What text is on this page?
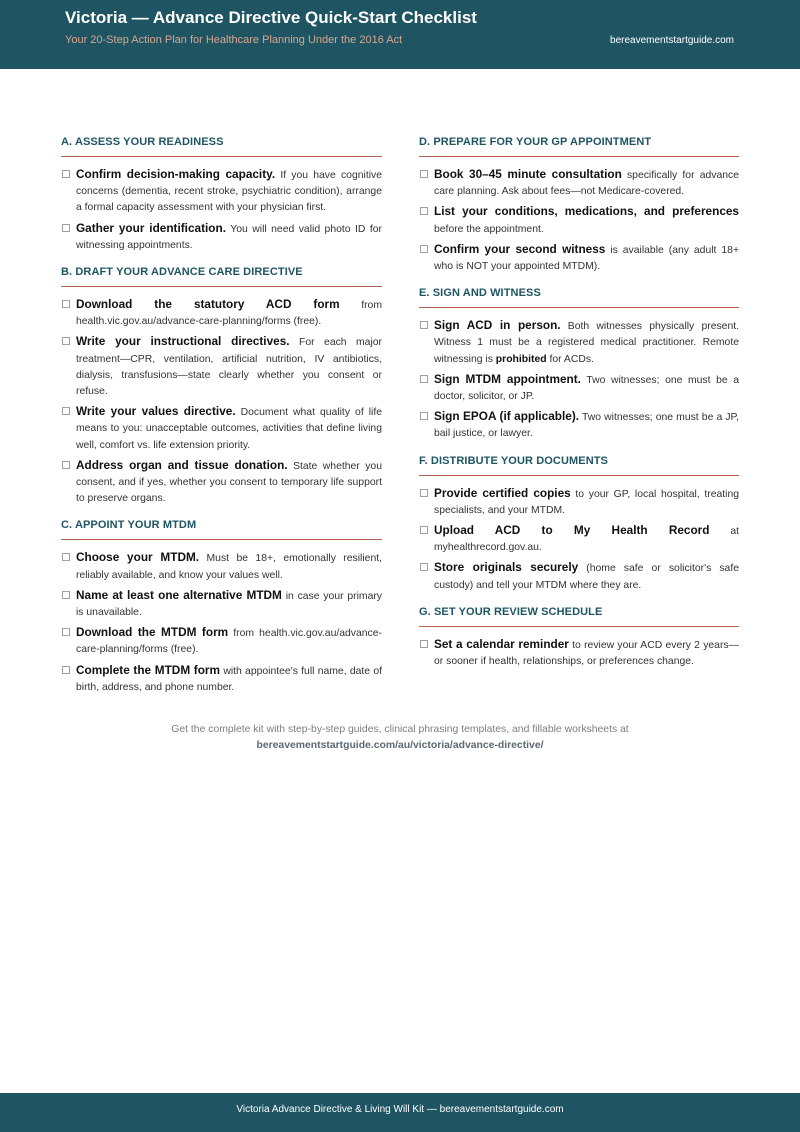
Victoria — Advance Directive Quick-Start Checklist
Your 20-Step Action Plan for Healthcare Planning Under the 2016 Act	bereavementstartguide.com
A. ASSESS YOUR READINESS
Confirm decision-making capacity. If you have cognitive concerns (dementia, recent stroke, psychiatric condition), arrange a formal capacity assessment with your physician first.
Gather your identification. You will need valid photo ID for witnessing appointments.
B. DRAFT YOUR ADVANCE CARE DIRECTIVE
Download the statutory ACD form from health.vic.gov.au/advance-care-planning/forms (free).
Write your instructional directives. For each major treatment—CPR, ventilation, artificial nutrition, IV antibiotics, dialysis, transfusions—state clearly whether you consent or refuse.
Write your values directive. Document what quality of life means to you: unacceptable outcomes, activities that define living well, comfort vs. life extension priority.
Address organ and tissue donation. State whether you consent, and if yes, whether you consent to temporary life support to preserve organs.
C. APPOINT YOUR MTDM
Choose your MTDM. Must be 18+, emotionally resilient, reliably available, and know your values well.
Name at least one alternative MTDM in case your primary is unavailable.
Download the MTDM form from health.vic.gov.au/advance-care-planning/forms (free).
Complete the MTDM form with appointee's full name, date of birth, address, and phone number.
D. PREPARE FOR YOUR GP APPOINTMENT
Book 30–45 minute consultation specifically for advance care planning. Ask about fees—not Medicare-covered.
List your conditions, medications, and preferences before the appointment.
Confirm your second witness is available (any adult 18+ who is NOT your appointed MTDM).
E. SIGN AND WITNESS
Sign ACD in person. Both witnesses physically present. Witness 1 must be a registered medical practitioner. Remote witnessing is prohibited for ACDs.
Sign MTDM appointment. Two witnesses; one must be a doctor, solicitor, or JP.
Sign EPOA (if applicable). Two witnesses; one must be a JP, bail justice, or lawyer.
F. DISTRIBUTE YOUR DOCUMENTS
Provide certified copies to your GP, local hospital, treating specialists, and your MTDM.
Upload ACD to My Health Record at myhealthrecord.gov.au.
Store originals securely (home safe or solicitor's safe custody) and tell your MTDM where they are.
G. SET YOUR REVIEW SCHEDULE
Set a calendar reminder to review your ACD every 2 years—or sooner if health, relationships, or preferences change.
Get the complete kit with step-by-step guides, clinical phrasing templates, and fillable worksheets at
bereavementstartguide.com/au/victoria/advance-directive/
Victoria Advance Directive & Living Will Kit — bereavementstartguide.com
